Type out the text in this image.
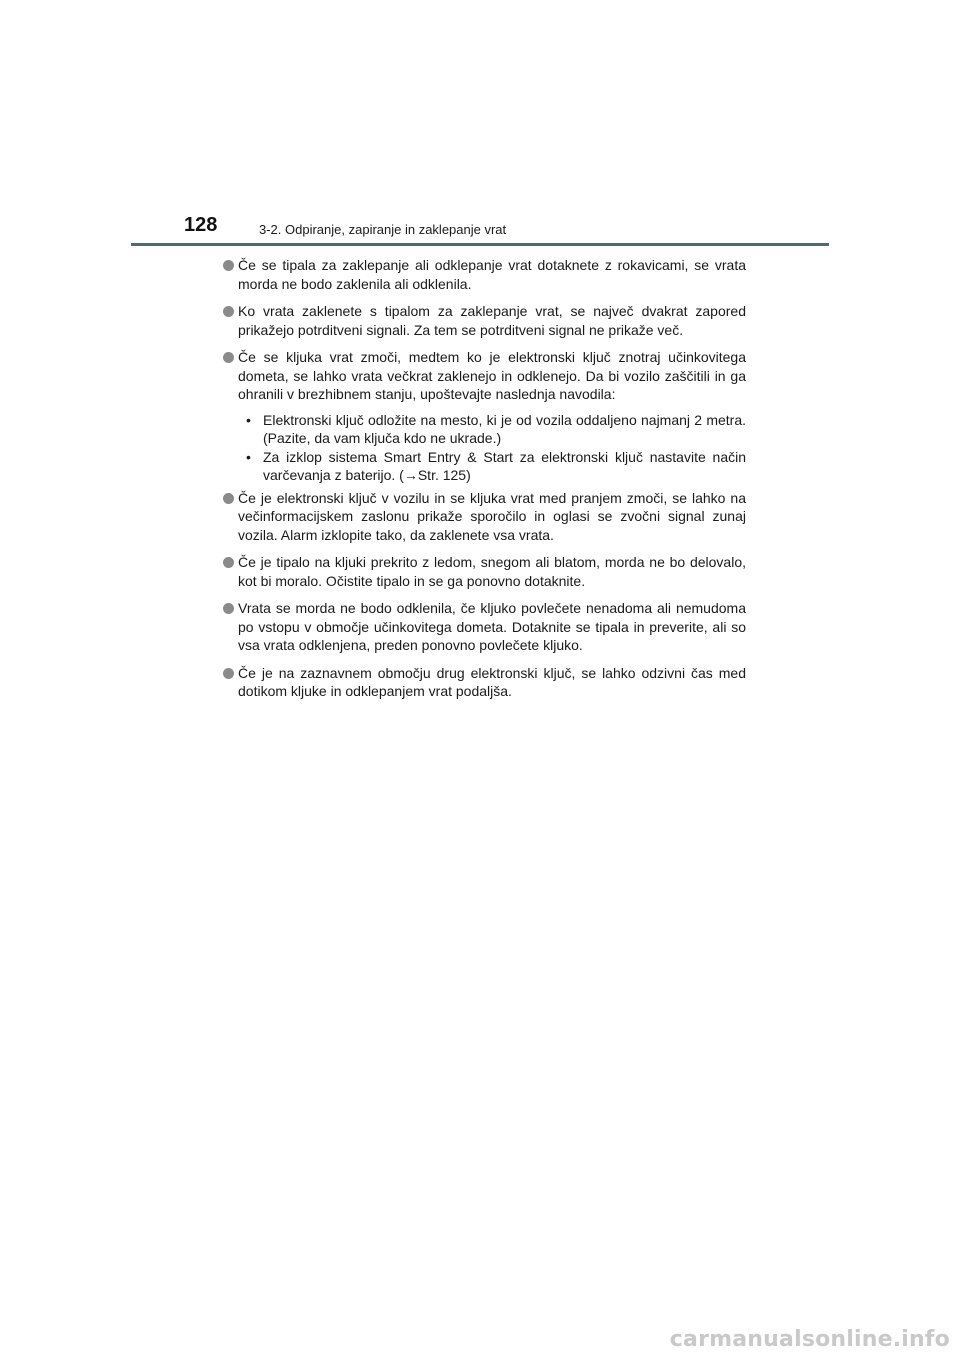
128	3-2. Odpiranje, zapiranje in zaklepanje vrat
Če se tipala za zaklepanje ali odklepanje vrat dotaknete z rokavicami, se vrata morda ne bodo zaklenila ali odklenila.
Ko vrata zaklenete s tipalom za zaklepanje vrat, se največ dvakrat zapored prikažejo potrditveni signali. Za tem se potrditveni signal ne prikaže več.
Če se kljuka vrat zmoči, medtem ko je elektronski ključ znotraj učinkovitega dometa, se lahko vrata večkrat zaklenejo in odklenejo. Da bi vozilo zaščitili in ga ohranili v brezhibnem stanju, upoštevajte naslednja navodila:
• Elektronski ključ odložite na mesto, ki je od vozila oddaljeno najmanj 2 metra. (Pazite, da vam ključa kdo ne ukrade.)
• Za izklop sistema Smart Entry & Start za elektronski ključ nastavite način varčevanja z baterijo. (→Str. 125)
Če je elektronski ključ v vozilu in se kljuka vrat med pranjem zmoči, se lahko na večinformacijskem zaslonu prikaže sporočilo in oglasi se zvočni signal zunaj vozila. Alarm izklopite tako, da zaklenete vsa vrata.
Če je tipalo na kljuki prekrito z ledom, snegom ali blatom, morda ne bo delovalo, kot bi moralo. Očistite tipalo in se ga ponovno dotaknite.
Vrata se morda ne bodo odklenila, če kljuko povlečete nenadoma ali nemudoma po vstopu v območje učinkovitega dometa. Dotaknite se tipala in preverite, ali so vsa vrata odklenjena, preden ponovno povlečete kljuko.
Če je na zaznavnem območju drug elektronski ključ, se lahko odzivni čas med dotikom kljuke in odklepanjem vrat podaljša.
carmanualsonline.info
